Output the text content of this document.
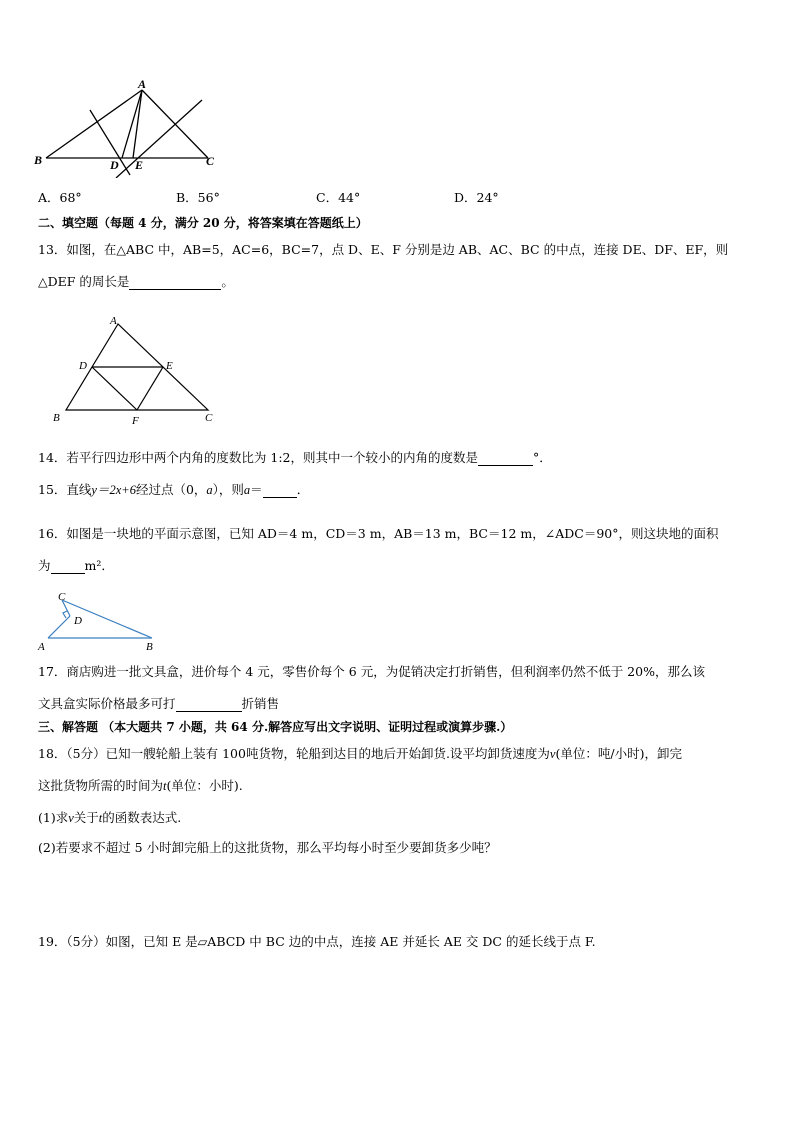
A
B	C
D E
A．68°	B．56°	C．44°	D．24°
二、填空题（每题 4 分，满分 20 分，将答案填在答题纸上）
13．如图，在△ABC 中，AB=5，AC=6，BC=7，点 D、E、F 分别是边 AB、AC、BC 的中点，连接 DE、DF、EF，则
△DEF 的周长是	。
A
B	C
D	E
F
14．若平行四边形中两个内角的度数比为 1:2，则其中一个较小的内角的度数是	°．
15．直线y＝2x+6经过点（0，a），则a＝	．
16．如图是一块地的平面示意图，已知 AD＝4 m，CD＝3 m，AB＝13 m，BC＝12 m，∠ADC＝90°，则这块地的面积
为	m²．
C
D
A	B
17．商店购进一批文具盒，进价每个 4 元，零售价每个 6 元，为促销决定打折销售，但利润率仍然不低于 20%，那么该
文具盒实际价格最多可打	折销售
三、解答题 （本大题共 7 小题，共 64 分.解答应写出文字说明、证明过程或演算步骤.）
18．（5分）已知一艘轮船上装有 100吨货物，轮船到达目的地后开始卸货.设平均卸货速度为v(单位：吨/小时)，卸完
这批货物所需的时间为t(单位：小时).
(1)求v关于t的函数表达式.
(2)若要求不超过 5 小时卸完船上的这批货物，那么平均每小时至少要卸货多少吨？
19．（5分）如图，已知 E 是▱ABCD 中 BC 边的中点，连接 AE 并延长 AE 交 DC 的延长线于点 F.
